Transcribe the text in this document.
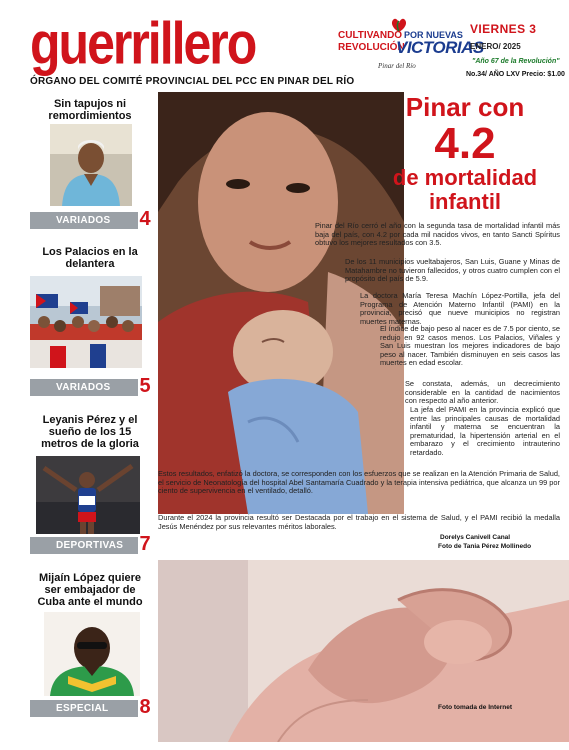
guerrillero
ÓRGANO DEL COMITÉ PROVINCIAL DEL PCC EN PINAR DEL RÍO
CULTIVANDO
REVOLUCIÓN
POR NUEVAS
VICTORIAS
Pinar del Río
VIERNES 3
ENERO/ 2025
"Año 67 de la Revolución"
No.34/ AÑO LXV Precio: $1.00
Sin tapujos ni remordimientos
VARIADOS	4
Los Palacios en la delantera
VARIADOS	5
Leyanis Pérez y el sueño de los 15 metros de la gloria
DEPORTIVAS 7
Mijaín López quiere ser embajador de Cuba ante el mundo
ESPECIAL	8
Pinar con
4.2
de mortalidad infantil

Pinar del Río cerró el año con la segunda tasa de mortalidad infantil más baja del país, con 4.2 por cada mil nacidos vivos, en tanto Sancti Spíritus obtuvo los mejores resultados con 3.5.

De los 11 municipios vueltabajeros, San Luis, Guane y Minas de Matahambre no tuvieron fallecidos, y otros cuatro cumplen con el propósito del país de 5.9.

La doctora María Teresa Machín López-Portilla, jefa del Programa de Atención Materno Infantil (PAMI) en la provincia, precisó que nueve municipios no registran muertes maternas.

El índice de bajo peso al nacer es de 7.5 por ciento, se redujo en 92 casos menos. Los Palacios, Viñales y San Luis muestran los mejores indicadores de bajo peso al nacer. También disminuyen en seis casos las muertes en edad escolar.

Se constata, además, un decrecimiento considerable en la cantidad de nacimientos con respecto al año anterior.

La jefa del PAMI en la provincia explicó que entre las principales causas de mortalidad infantil y materna se encuentran la prematuridad, la hipertensión arterial en el embarazo y el crecimiento intrauterino retardado.

Estos resultados, enfatizó la doctora, se corresponden con los esfuerzos que se realizan en la Atención Primaria de Salud, el servicio de Neonatología del hospital Abel Santamaría Cuadrado y la terapia intensiva pediátrica, que alcanza un 99 por ciento de supervivencia en el ventilado, detalló.

Durante el 2024 la provincia resultó ser Destacada por el trabajo en el sistema de Salud, y el PAMI recibió la medalla Jesús Menéndez por sus relevantes méritos laborales.

Dorelys Canivell Canal
Foto de Tania Pérez Mollinedo
Foto tomada de Internet
